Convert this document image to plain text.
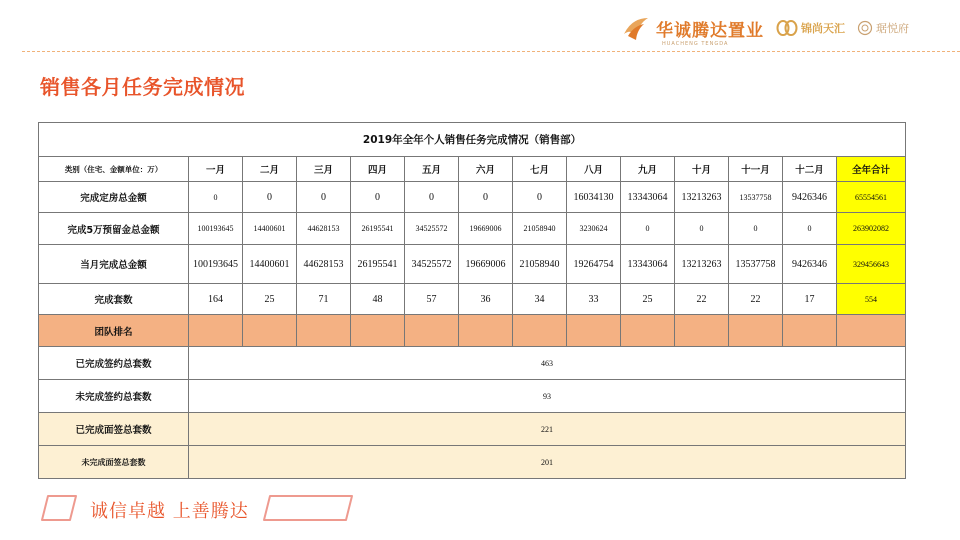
华诚腾达置业
HUACHENG TENGDA
锦尚天汇	琚悦府
销售各月任务完成情况
2019年全年个人销售任务完成情况（销售部）													
类别（住宅、金额单位：万）	一月	二月	三月	四月	五月	六月	七月	八月	九月	十月	十一月	十二月	全年合计
完成定房总金额	0	0	0	0	0	0	0	16034130	13343064	13213263	13537758	9426346	65554561
完成5万预留金总金额	100193645	14400601	44628153	26195541	34525572	19669006	21058940	3230624	0	0	0	0	263902082
当月完成总金额	100193645	14400601	44628153	26195541	34525572	19669006	21058940	19264754	13343064	13213263	13537758	9426346	329456643
完成套数	164	25	71	48	57	36	34	33	25	22	22	17	554
团队排名													
已完成签约总套数	463												
未完成签约总套数	93												
已完成面签总套数	221												
未完成面签总套数	201												
诚信卓越 上善腾达
